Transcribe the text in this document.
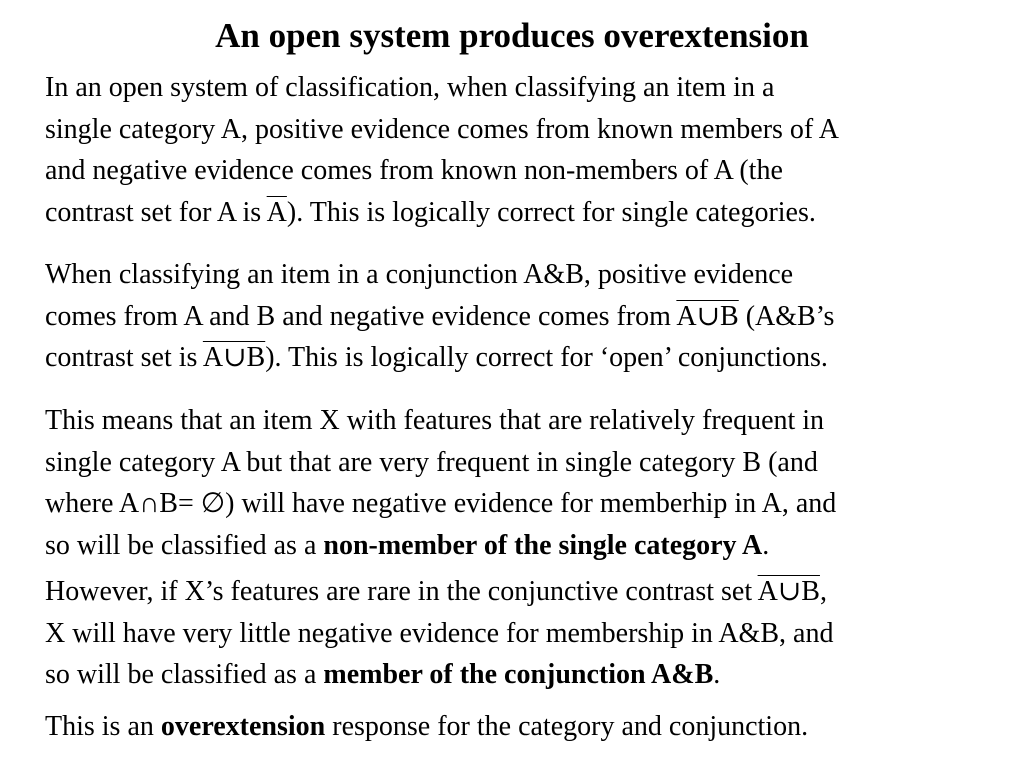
An open system produces overextension
In an open system of classification, when classifying an item in a
single category A, positive evidence comes from known members of A
and negative evidence comes from known non-members of A (the
contrast set for A is $\overline{A}$). This is logically correct for single categories.
When classifying an item in a conjunction A&B, positive evidence
comes from A and B and negative evidence comes from A∪B (A&B’s
contrast set is A∪B). This is logically correct for ‘open’ conjunctions.
This means that an item X with features that are relatively frequent in
single category A but that are very frequent in single category B (and
where A∩B= ∅) will have negative evidence for memberhip in A, and
so will be classified as a non-member of the single category A.
However, if X’s features are rare in the conjunctive contrast set A∪B,
X will have very little negative evidence for membership in A&B, and
so will be classified as a member of the conjunction A&B.
This is an overextension response for the category and conjunction.
